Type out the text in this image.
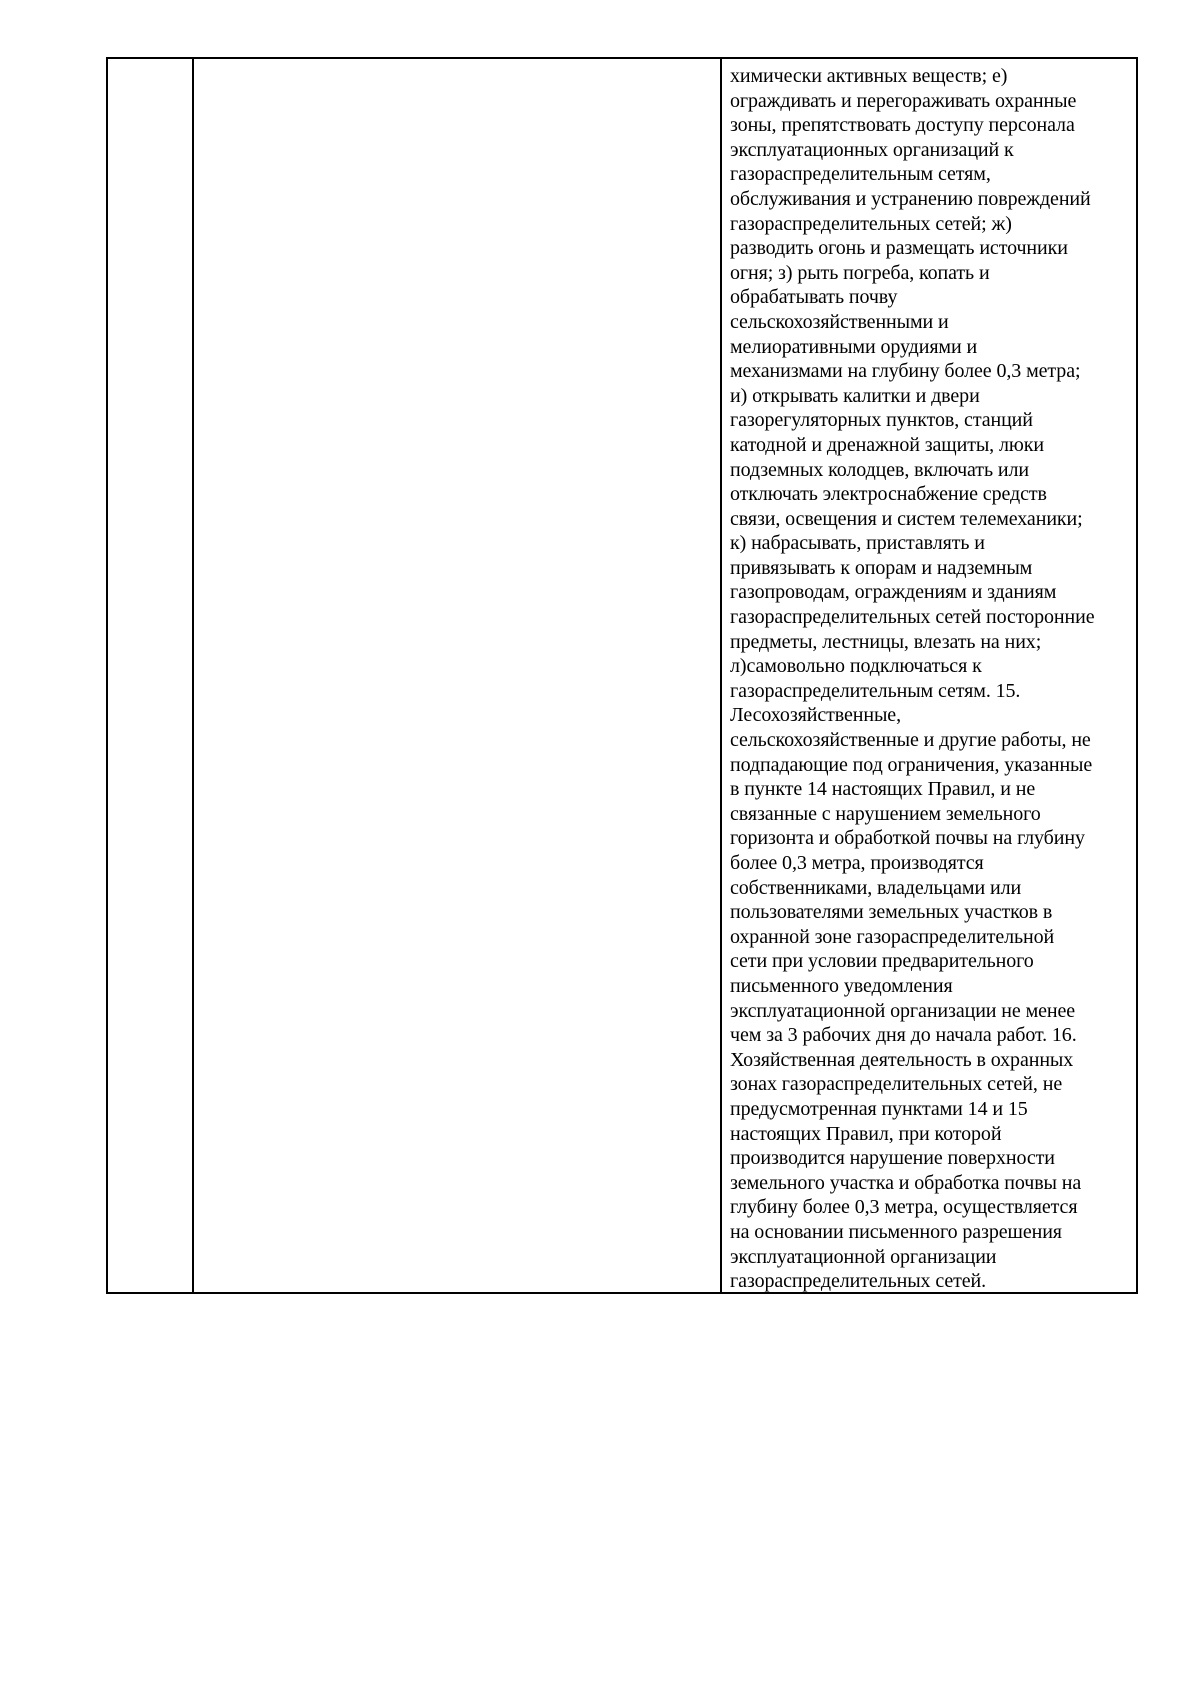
химически активных веществ; е)
ограждивать и перегораживать охранные
зоны, препятствовать доступу персонала
эксплуатационных организаций к
газораспределительным сетям,
обслуживания и устранению повреждений
газораспределительных сетей; ж)
разводить огонь и размещать источники
огня; з) рыть погреба, копать и
обрабатывать почву
сельскохозяйственными и
мелиоративными орудиями и
механизмами на глубину более 0,3 метра;
и) открывать калитки и двери
газорегуляторных пунктов, станций
катодной и дренажной защиты, люки
подземных колодцев, включать или
отключать электроснабжение средств
связи, освещения и систем телемеханики;
к) набрасывать, приставлять и
привязывать к опорам и надземным
газопроводам, ограждениям и зданиям
газораспределительных сетей посторонние
предметы, лестницы, влезать на них;
л)самовольно подключаться к
газораспределительным сетям. 15.
Лесохозяйственные,
сельскохозяйственные и другие работы, не
подпадающие под ограничения, указанные
в пункте 14 настоящих Правил, и не
связанные с нарушением земельного
горизонта и обработкой почвы на глубину
более 0,3 метра, производятся
собственниками, владельцами или
пользователями земельных участков в
охранной зоне газораспределительной
сети при условии предварительного
письменного уведомления
эксплуатационной организации не менее
чем за 3 рабочих дня до начала работ. 16.
Хозяйственная деятельность в охранных
зонах газораспределительных сетей, не
предусмотренная пунктами 14 и 15
настоящих Правил, при которой
производится нарушение поверхности
земельного участка и обработка почвы на
глубину более 0,3 метра, осуществляется
на основании письменного разрешения
эксплуатационной организации
газораспределительных сетей.
